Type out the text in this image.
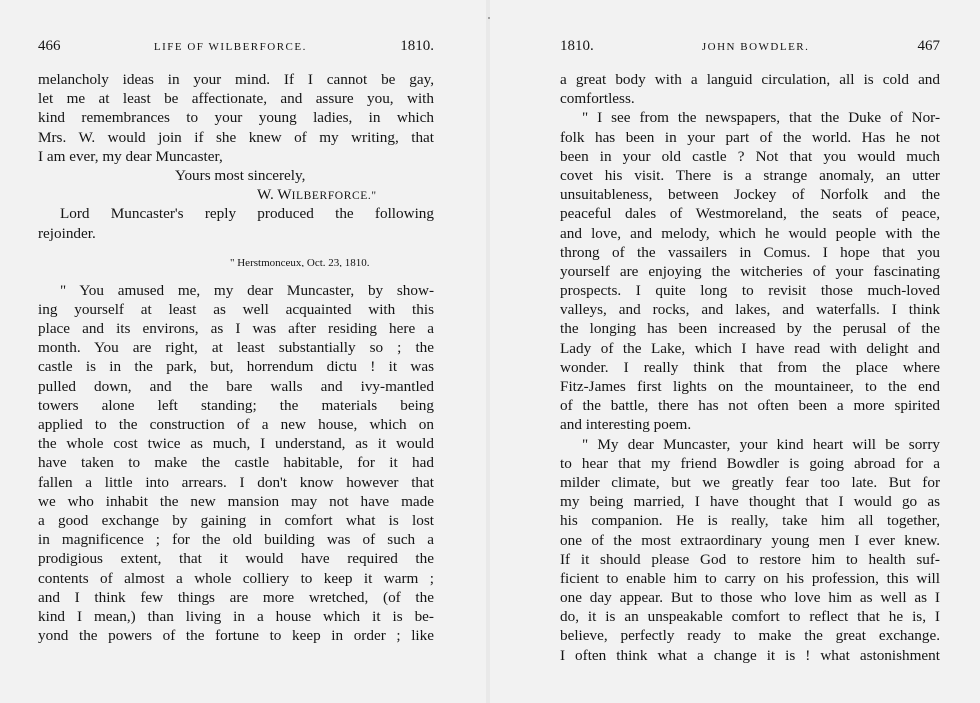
466	LIFE OF WILBERFORCE.	1810.
melancholy ideas in your mind. If I cannot be gay,
let me at least be affectionate, and assure you, with
kind remembrances to your young ladies, in which
Mrs. W. would join if she knew of my writing, that
I am ever, my dear Muncaster,
Yours most sincerely,
W. WILBERFORCE."
Lord Muncaster's reply produced the following
rejoinder.
" Herstmonceux, Oct. 23, 1810.
" You amused me, my dear Muncaster, by show-
ing yourself at least as well acquainted with this
place and its environs, as I was after residing here a
month. You are right, at least substantially so ; the
castle is in the park, but, horrendum dictu ! it was
pulled down, and the bare walls and ivy-mantled
towers alone left standing; the materials being
applied to the construction of a new house, which on
the whole cost twice as much, I understand, as it would
have taken to make the castle habitable, for it had
fallen a little into arrears. I don't know however that
we who inhabit the new mansion may not have made
a good exchange by gaining in comfort what is lost
in magnificence ; for the old building was of such a
prodigious extent, that it would have required the
contents of almost a whole colliery to keep it warm ;
and I think few things are more wretched, (of the
kind I mean,) than living in a house which it is be-
yond the powers of the fortune to keep in order ; like
1810.	JOHN BOWDLER.	467
a great body with a languid circulation, all is cold and
comfortless.
" I see from the newspapers, that the Duke of Nor-
folk has been in your part of the world. Has he not
been in your old castle ? Not that you would much
covet his visit. There is a strange anomaly, an utter
unsuitableness, between Jockey of Norfolk and the
peaceful dales of Westmoreland, the seats of peace,
and love, and melody, which he would people with the
throng of the vassailers in Comus. I hope that you
yourself are enjoying the witcheries of your fascinating
prospects. I quite long to revisit those much-loved
valleys, and rocks, and lakes, and waterfalls. I think
the longing has been increased by the perusal of the
Lady of the Lake, which I have read with delight and
wonder. I really think that from the place where
Fitz-James first lights on the mountaineer, to the end
of the battle, there has not often been a more spirited
and interesting poem.
" My dear Muncaster, your kind heart will be sorry
to hear that my friend Bowdler is going abroad for a
milder climate, but we greatly fear too late. But for
my being married, I have thought that I would go as
his companion. He is really, take him all together,
one of the most extraordinary young men I ever knew.
If it should please God to restore him to health suf-
ficient to enable him to carry on his profession, this will
one day appear. But to those who love him as well as I
do, it is an unspeakable comfort to reflect that he is, I
believe, perfectly ready to make the great exchange.
I often think what a change it is ! what astonishment
